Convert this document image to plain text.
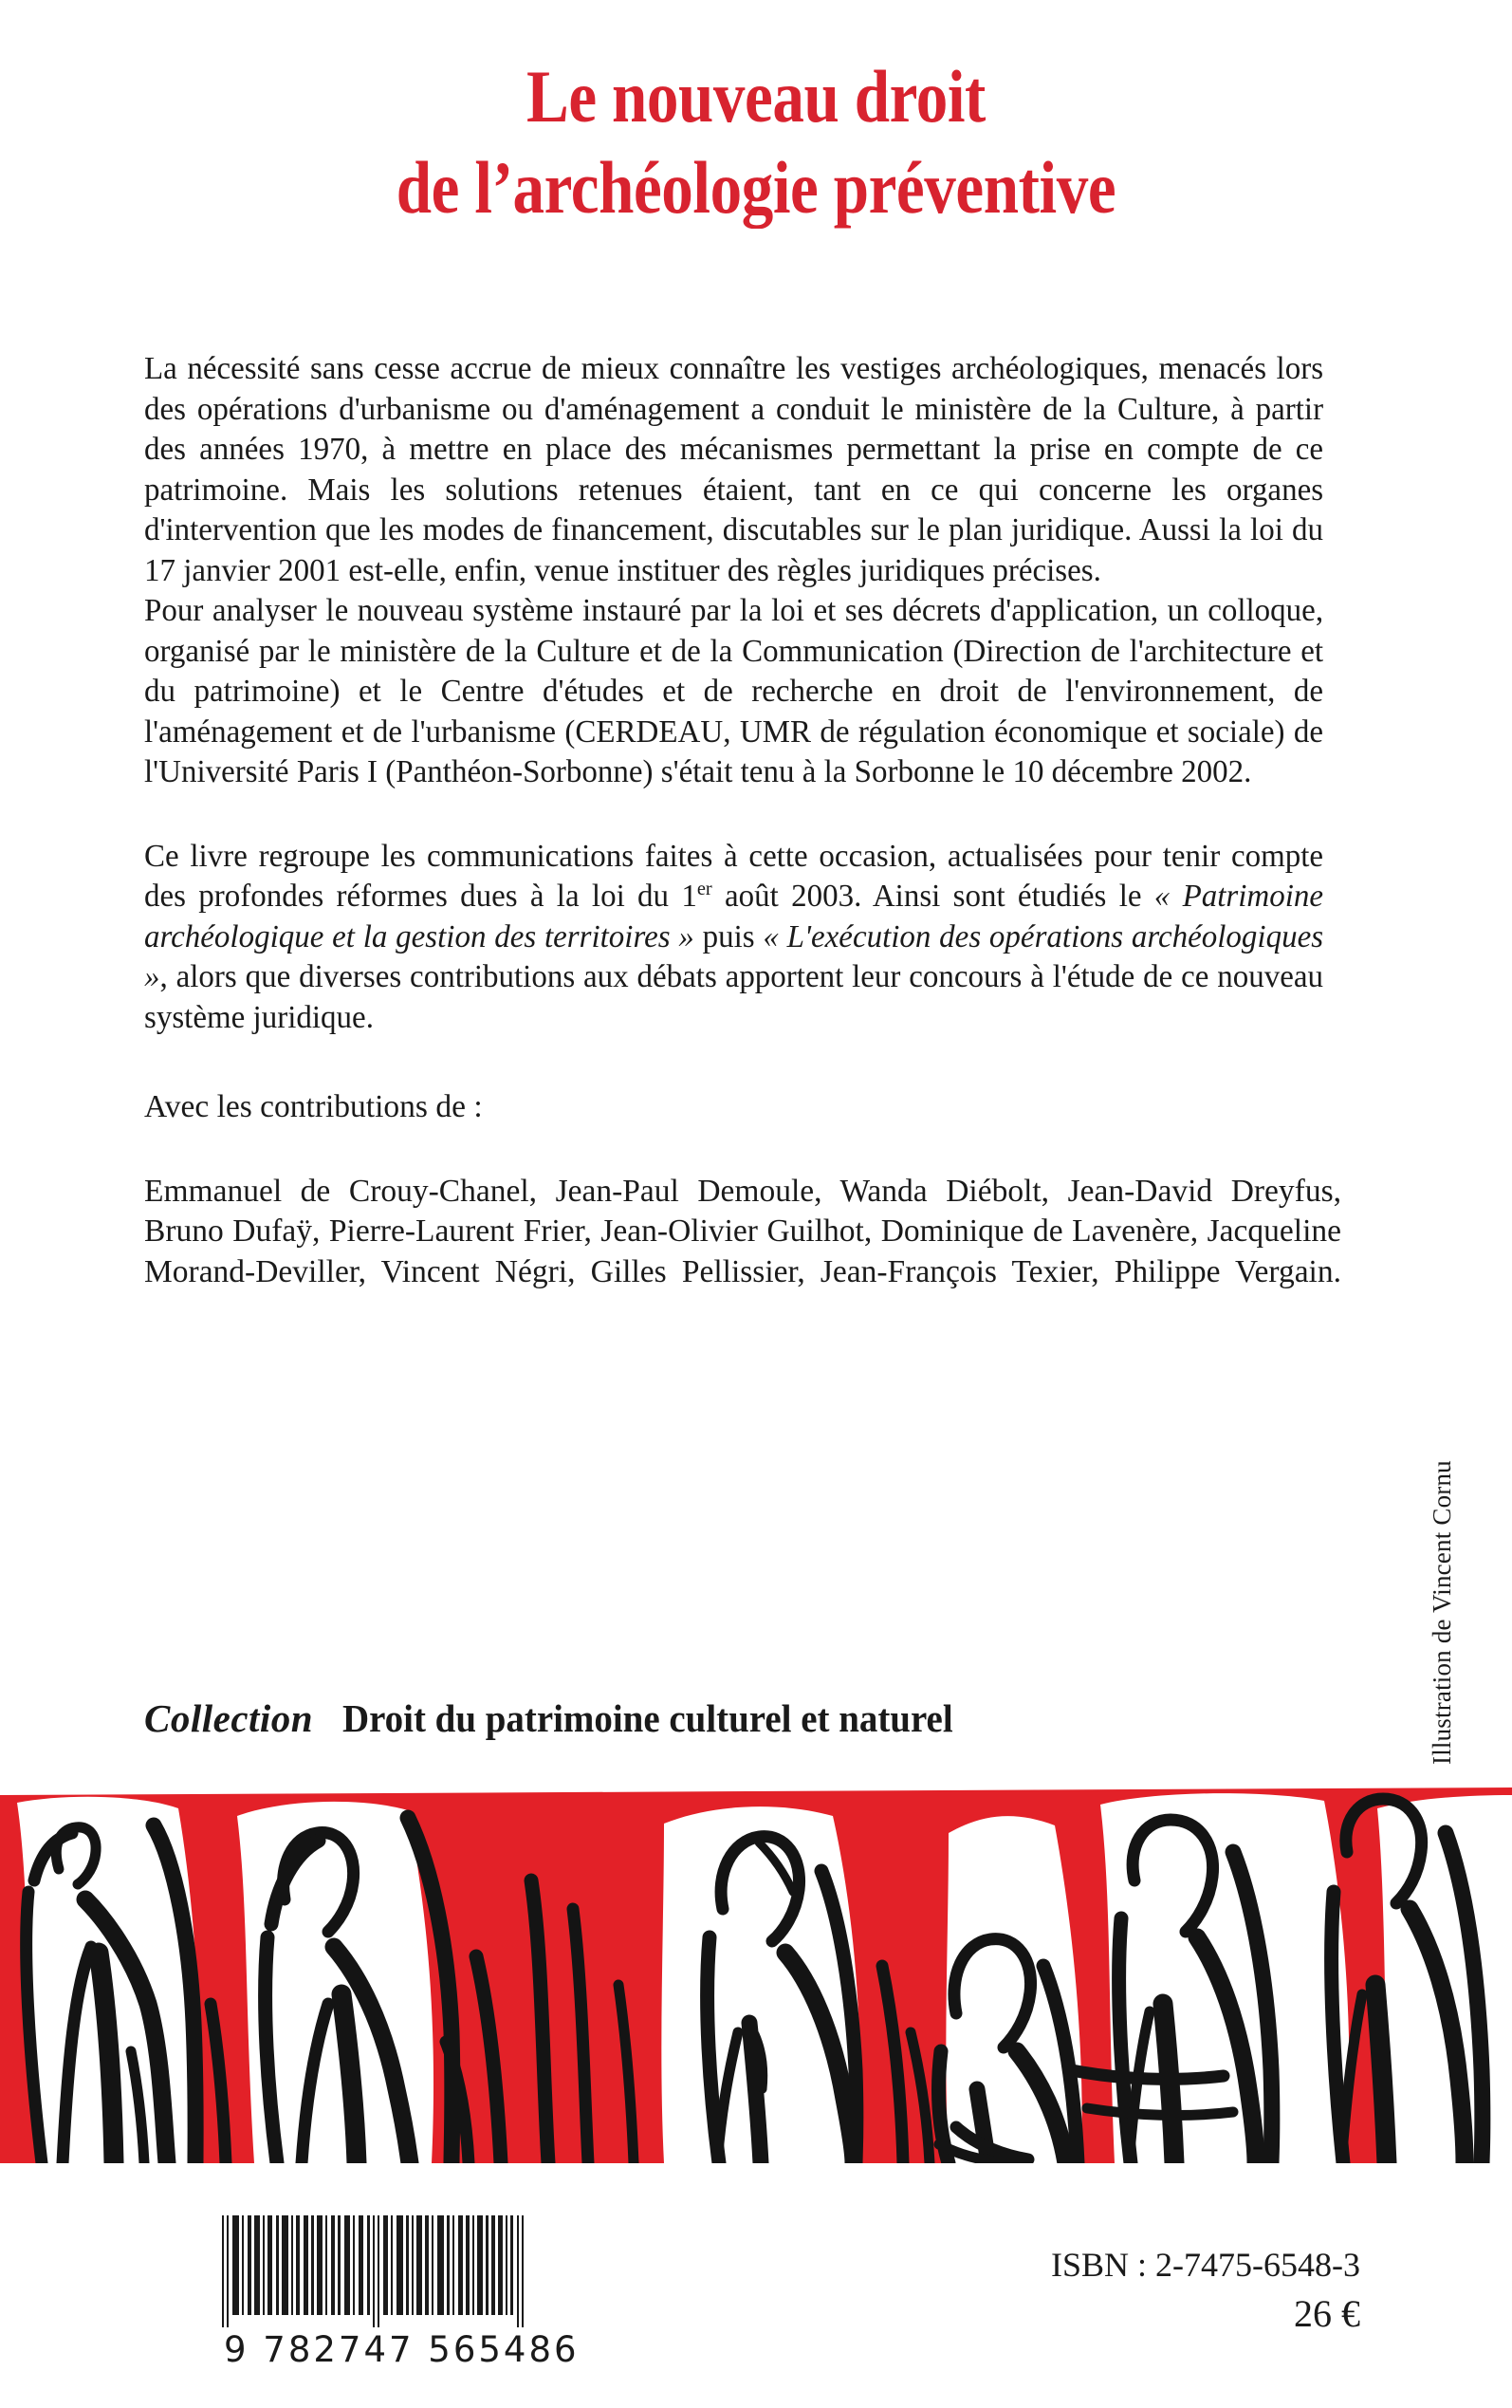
Le nouveau droit
de l’archéologie préventive

La nécessité sans cesse accrue de mieux connaître les vestiges archéologiques, menacés lors des opérations d'urbanisme ou d'aménagement a conduit le ministère de la Culture, à partir des années 1970, à mettre en place des mécanismes permettant la prise en compte de ce patrimoine. Mais les solutions retenues étaient, tant en ce qui concerne les organes d'intervention que les modes de financement, discutables sur le plan juridique. Aussi la loi du 17 janvier 2001 est-elle, enfin, venue instituer des règles juridiques précises.

Pour analyser le nouveau système instauré par la loi et ses décrets d'application, un colloque, organisé par le ministère de la Culture et de la Communication (Direction de l'architecture et du patrimoine) et le Centre d'études et de recherche en droit de l'environnement, de l'aménagement et de l'urbanisme (CERDEAU, UMR de régulation économique et sociale) de l'Université Paris I (Panthéon-Sorbonne) s'était tenu à la Sorbonne le 10 décembre 2002.

Ce livre regroupe les communications faites à cette occasion, actualisées pour tenir compte des profondes réformes dues à la loi du 1er août 2003. Ainsi sont étudiés le « Patrimoine archéologique et la gestion des territoires » puis « L'exécution des opérations archéologiques », alors que diverses contributions aux débats apportent leur concours à l'étude de ce nouveau système juridique.

Avec les contributions de :

Emmanuel de Crouy-Chanel, Jean-Paul Demoule, Wanda Diébolt, Jean-David Dreyfus, Bruno Dufaÿ, Pierre-Laurent Frier, Jean-Olivier Guilhot, Dominique de Lavenère, Jacqueline Morand-Deviller, Vincent Négri, Gilles Pellissier, Jean-François Texier, Philippe Vergain.

Collection Droit du patrimoine culturel et naturel	Illustration de Vincent Cornu
9 782747 565486
ISBN : 2-7475-6548-3
26 €
